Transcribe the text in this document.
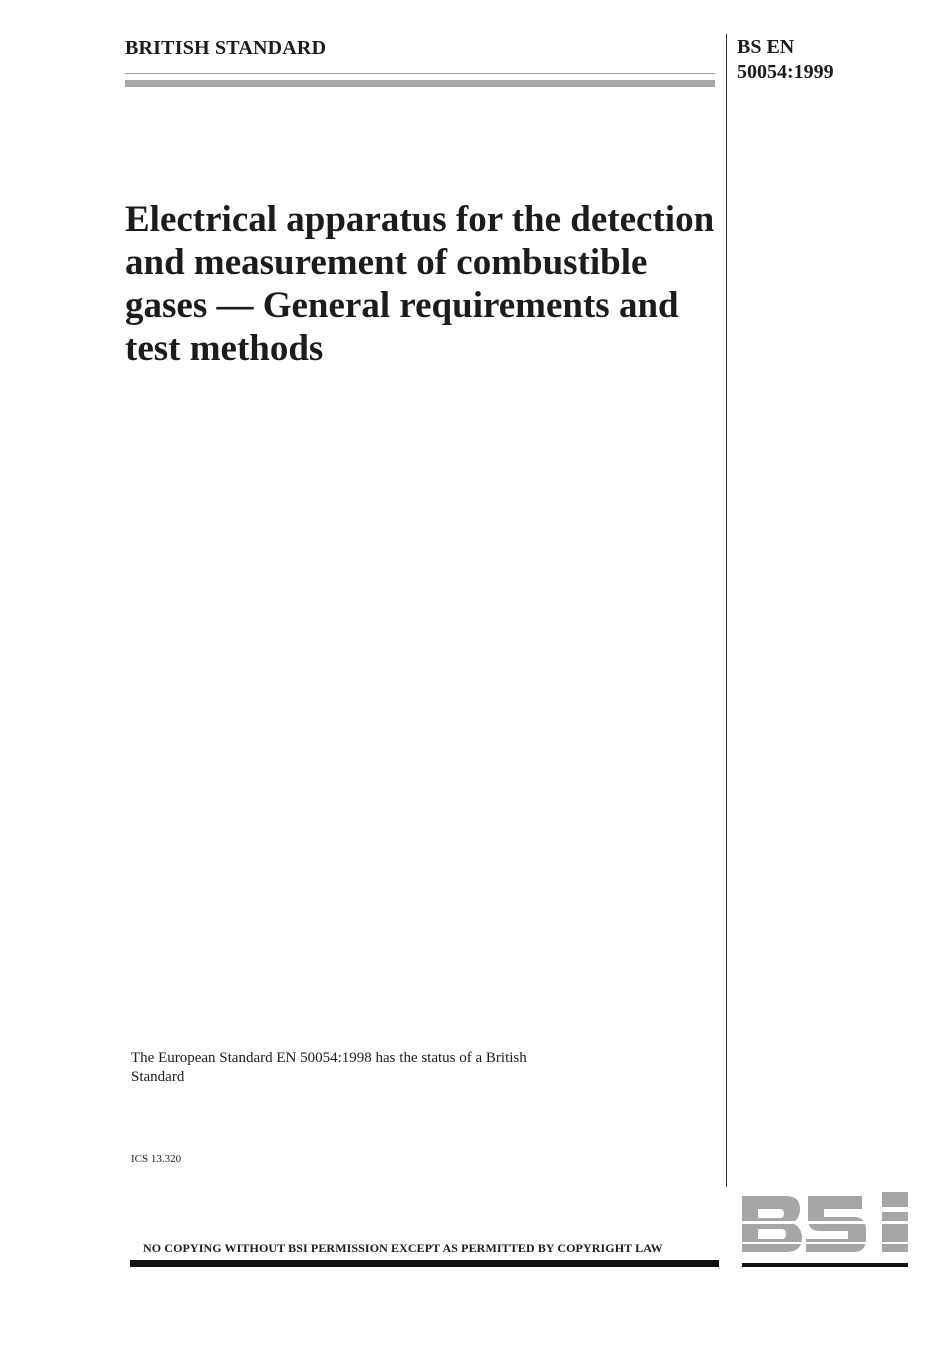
BRITISH STANDARD	BS EN
50054:1999
Electrical apparatus for the detection and measurement of combustible gases — General requirements and test methods
The European Standard EN 50054:1998 has the status of a British Standard
ICS 13.320
NO COPYING WITHOUT BSI PERMISSION EXCEPT AS PERMITTED BY COPYRIGHT LAW
BSI
